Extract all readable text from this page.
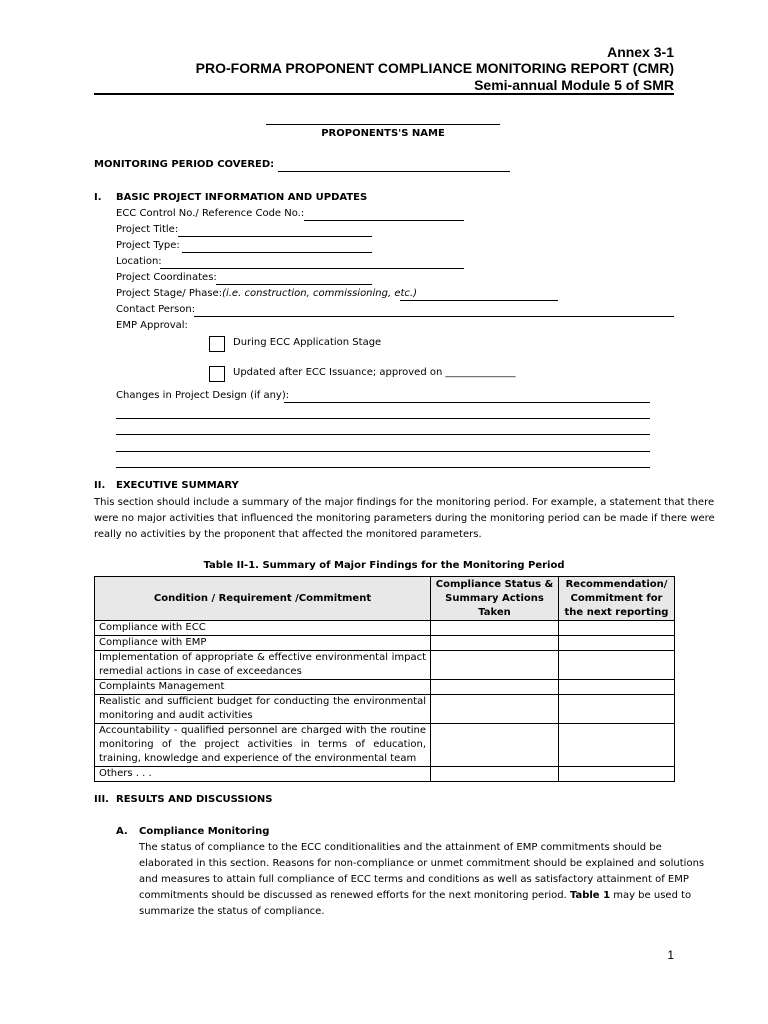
Annex 3-1
PRO-FORMA PROPONENT COMPLIANCE MONITORING REPORT (CMR)
Semi-annual Module 5 of SMR
PROPONENTS'S NAME
MONITORING PERIOD COVERED:
I. BASIC PROJECT INFORMATION AND UPDATES
ECC Control No./ Reference Code No.:
Project Title:
Project Type:
Location:
Project Coordinates:
Project Stage/ Phase:(i.e. construction, commissioning, etc.)
Contact Person:
EMP Approval:
During ECC Application Stage
Updated after ECC Issuance; approved on ______________
Changes in Project Design (if any):
II. EXECUTIVE SUMMARY
This section should include a summary of the major findings for the monitoring period. For example, a statement that there
were no major activities that influenced the monitoring parameters during the monitoring period can be made if there were
really no activities by the proponent that affected the monitored parameters.
Table II-1. Summary of Major Findings for the Monitoring Period
Condition / Requirement /Commitment	Compliance Status & Summary Actions Taken	Recommendation/ Commitment for the next reporting
Compliance with ECC		
Compliance with EMP		
Implementation of appropriate & effective environmental impact remedial actions in case of exceedances		
Complaints Management		
Realistic and sufficient budget for conducting the environmental monitoring and audit activities		
Accountability - qualified personnel are charged with the routine monitoring of the project activities in terms of education, training, knowledge and experience of the environmental team		
Others . . .		
III. RESULTS AND DISCUSSIONS
A. Compliance Monitoring
The status of compliance to the ECC conditionalities and the attainment of EMP commitments should be
elaborated in this section. Reasons for non-compliance or unmet commitment should be explained and solutions
and measures to attain full compliance of ECC terms and conditions as well as satisfactory attainment of EMP
commitments should be discussed as renewed efforts for the next monitoring period. Table 1 may be used to
summarize the status of compliance.
1
